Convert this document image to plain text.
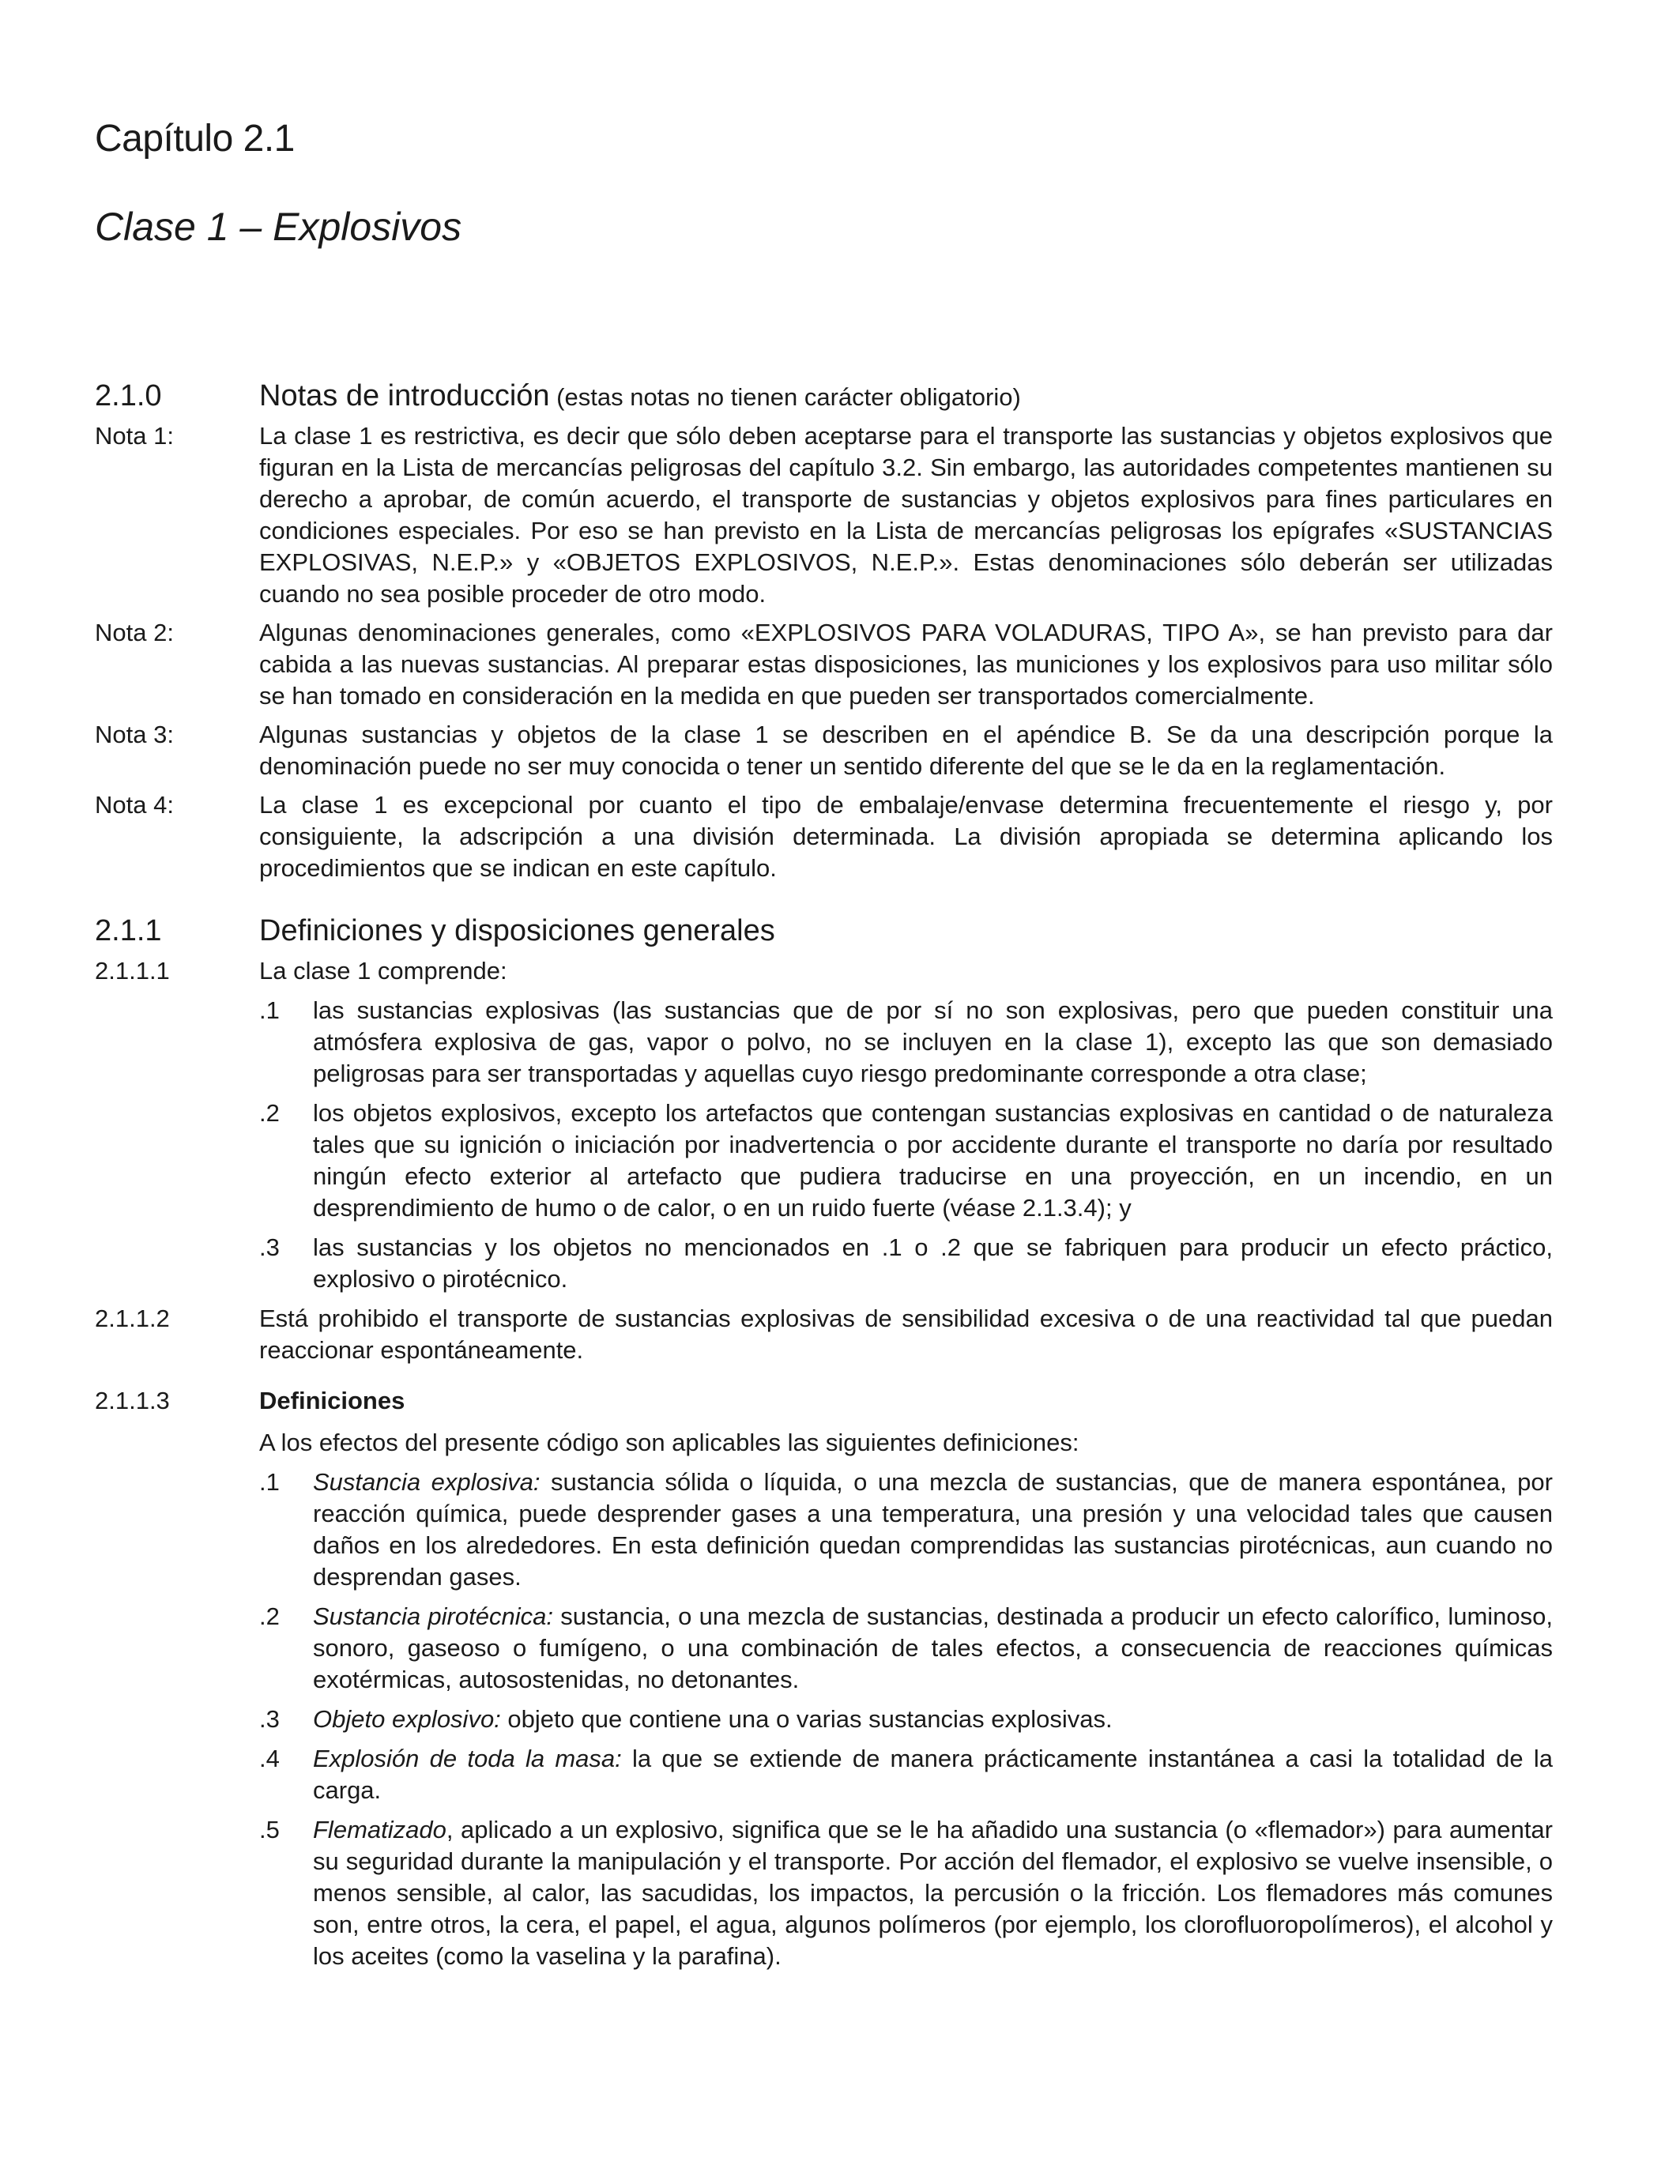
Capítulo 2.1
Clase 1 – Explosivos
2.1.0	Notas de introducción (estas notas no tienen carácter obligatorio)
Nota 1:	La clase 1 es restrictiva, es decir que sólo deben aceptarse para el transporte las sustancias y objetos explosivos que figuran en la Lista de mercancías peligrosas del capítulo 3.2. Sin embargo, las autoridades competentes mantienen su derecho a aprobar, de común acuerdo, el transporte de sustancias y objetos explosivos para fines particulares en condiciones especiales. Por eso se han previsto en la Lista de mercancías peligrosas los epígrafes «SUSTANCIAS EXPLOSIVAS, N.E.P.» y «OBJETOS EXPLOSIVOS, N.E.P.». Estas denominaciones sólo deberán ser utilizadas cuando no sea posible proceder de otro modo.
Nota 2:	Algunas denominaciones generales, como «EXPLOSIVOS PARA VOLADURAS, TIPO A», se han previsto para dar cabida a las nuevas sustancias. Al preparar estas disposiciones, las municiones y los explosivos para uso militar sólo se han tomado en consideración en la medida en que pueden ser transportados comercialmente.
Nota 3:	Algunas sustancias y objetos de la clase 1 se describen en el apéndice B. Se da una descripción porque la denominación puede no ser muy conocida o tener un sentido diferente del que se le da en la reglamentación.
Nota 4:	La clase 1 es excepcional por cuanto el tipo de embalaje/envase determina frecuentemente el riesgo y, por consiguiente, la adscripción a una división determinada. La división apropiada se determina aplicando los procedimientos que se indican en este capítulo.
2.1.1	Definiciones y disposiciones generales
2.1.1.1	La clase 1 comprende:
.1	las sustancias explosivas (las sustancias que de por sí no son explosivas, pero que pueden constituir una atmósfera explosiva de gas, vapor o polvo, no se incluyen en la clase 1), excepto las que son demasiado peligrosas para ser transportadas y aquellas cuyo riesgo predominante corresponde a otra clase;
.2	los objetos explosivos, excepto los artefactos que contengan sustancias explosivas en cantidad o de naturaleza tales que su ignición o iniciación por inadvertencia o por accidente durante el transporte no daría por resultado ningún efecto exterior al artefacto que pudiera traducirse en una proyección, en un incendio, en un desprendimiento de humo o de calor, o en un ruido fuerte (véase 2.1.3.4); y
.3	las sustancias y los objetos no mencionados en .1 o .2 que se fabriquen para producir un efecto práctico, explosivo o pirotécnico.
2.1.1.2	Está prohibido el transporte de sustancias explosivas de sensibilidad excesiva o de una reactividad tal que puedan reaccionar espontáneamente.
2.1.1.3	Definiciones
A los efectos del presente código son aplicables las siguientes definiciones:
.1	Sustancia explosiva: sustancia sólida o líquida, o una mezcla de sustancias, que de manera espontánea, por reacción química, puede desprender gases a una temperatura, una presión y una velocidad tales que causen daños en los alrededores. En esta definición quedan comprendidas las sustancias pirotécnicas, aun cuando no desprendan gases.
.2	Sustancia pirotécnica: sustancia, o una mezcla de sustancias, destinada a producir un efecto calorífico, luminoso, sonoro, gaseoso o fumígeno, o una combinación de tales efectos, a consecuencia de reacciones químicas exotérmicas, autosostenidas, no detonantes.
.3	Objeto explosivo: objeto que contiene una o varias sustancias explosivas.
.4	Explosión de toda la masa: la que se extiende de manera prácticamente instantánea a casi la totalidad de la carga.
.5	Flematizado, aplicado a un explosivo, significa que se le ha añadido una sustancia (o «flemador») para aumentar su seguridad durante la manipulación y el transporte. Por acción del flemador, el explosivo se vuelve insensible, o menos sensible, al calor, las sacudidas, los impactos, la percusión o la fricción. Los flemadores más comunes son, entre otros, la cera, el papel, el agua, algunos polímeros (por ejemplo, los clorofluoropolímeros), el alcohol y los aceites (como la vaselina y la parafina).
